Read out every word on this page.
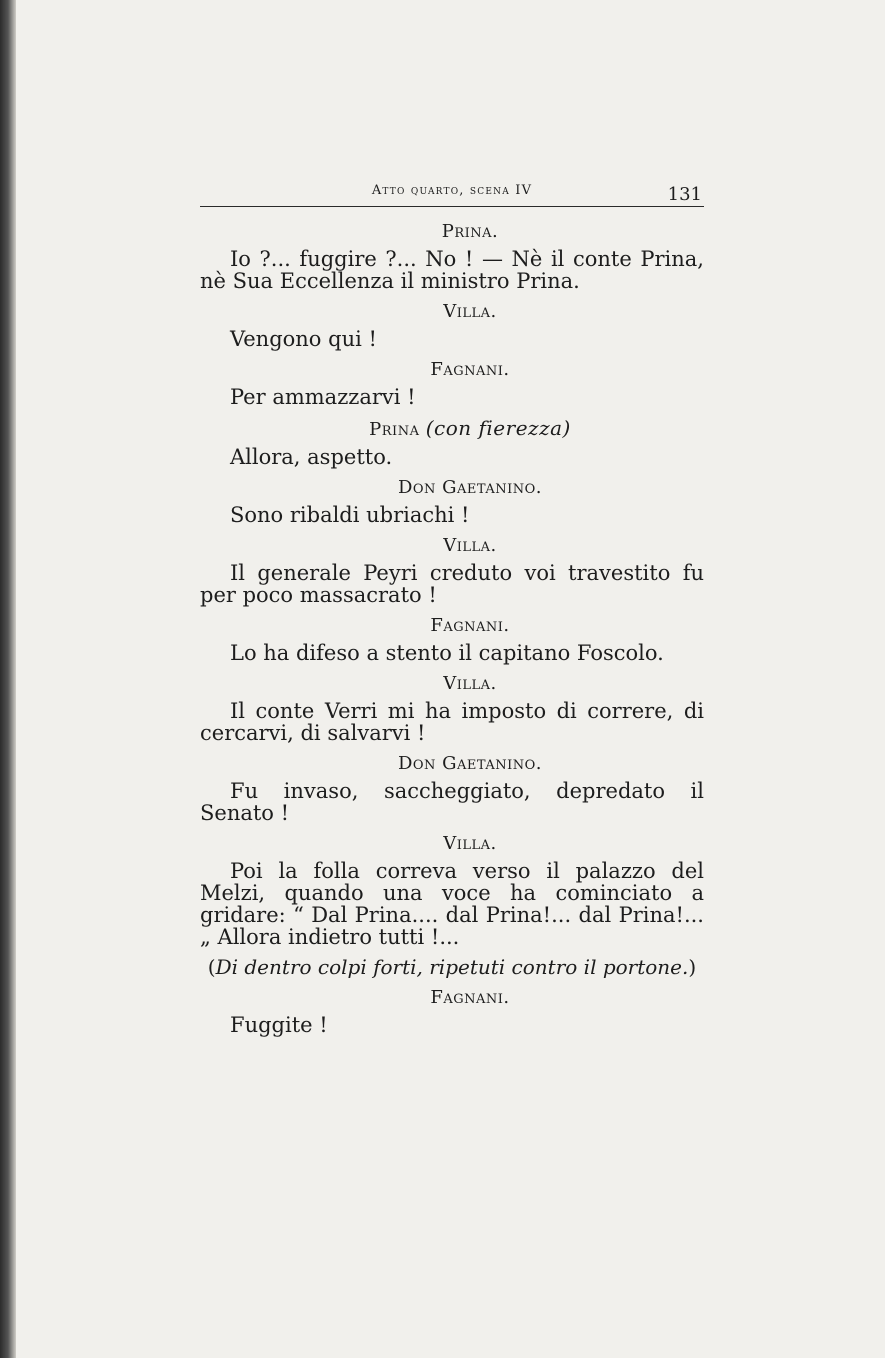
Atto quarto, scena IV	131
Prina.

Io ?... fuggire ?... No ! — Nè il conte Prina, nè Sua Eccellenza il ministro Prina.

Villa.

Vengono qui !

Fagnani.

Per ammazzarvi !

Prina (con fierezza)

Allora, aspetto.

Don Gaetanino.

Sono ribaldi ubriachi !

Villa.

Il generale Peyri creduto voi travestito fu per poco massacrato !

Fagnani.

Lo ha difeso a stento il capitano Foscolo.

Villa.

Il conte Verri mi ha imposto di correre, di cercarvi, di salvarvi !

Don Gaetanino.

Fu invaso, saccheggiato, depredato il Senato !

Villa.

Poi la folla correva verso il palazzo del Melzi, quando una voce ha cominciato a gridare: “ Dal Prina.... dal Prina!... dal Prina!... „ Allora indietro tutti !...

(Di dentro colpi forti, ripetuti contro il portone.)

Fagnani.

Fuggite !
